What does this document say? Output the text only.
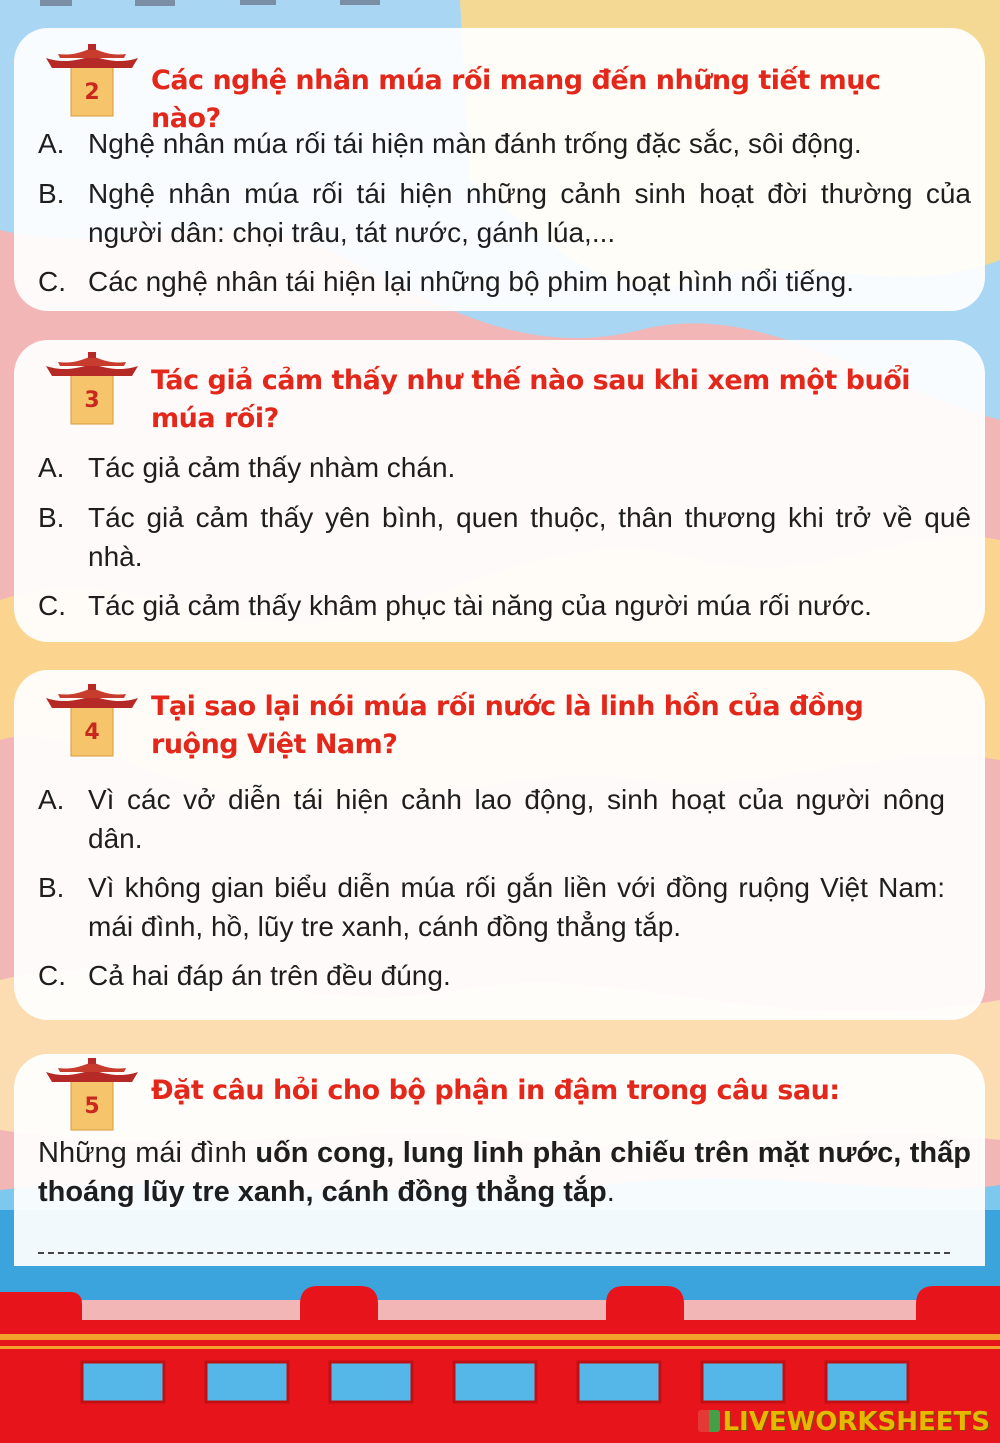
2	Các nghệ nhân múa rối mang đến những tiết mục nào?
A. Nghệ nhân múa rối tái hiện màn đánh trống đặc sắc, sôi động.
B. Nghệ nhân múa rối tái hiện những cảnh sinh hoạt đời thường của người dân: chọi trâu, tát nước, gánh lúa,...
C. Các nghệ nhân tái hiện lại những bộ phim hoạt hình nổi tiếng.
3
Tác giả cảm thấy như thế nào sau khi xem một buổi múa rối?
A. Tác giả cảm thấy nhàm chán.
B. Tác giả cảm thấy yên bình, quen thuộc, thân thương khi trở về quê nhà.
C. Tác giả cảm thấy khâm phục tài năng của người múa rối nước.
4
Tại sao lại nói múa rối nước là linh hồn của đồng ruộng Việt Nam?
A. Vì các vở diễn tái hiện cảnh lao động, sinh hoạt của người nông dân.
B. Vì không gian biểu diễn múa rối gắn liền với đồng ruộng Việt Nam: mái đình, hồ, lũy tre xanh, cánh đồng thẳng tắp.
C. Cả hai đáp án trên đều đúng.
5
Đặt câu hỏi cho bộ phận in đậm trong câu sau:
Những mái đình uốn cong, lung linh phản chiếu trên mặt nước, thấp thoáng lũy tre xanh, cánh đồng thẳng tắp.
LIVEWORKSHEETS
